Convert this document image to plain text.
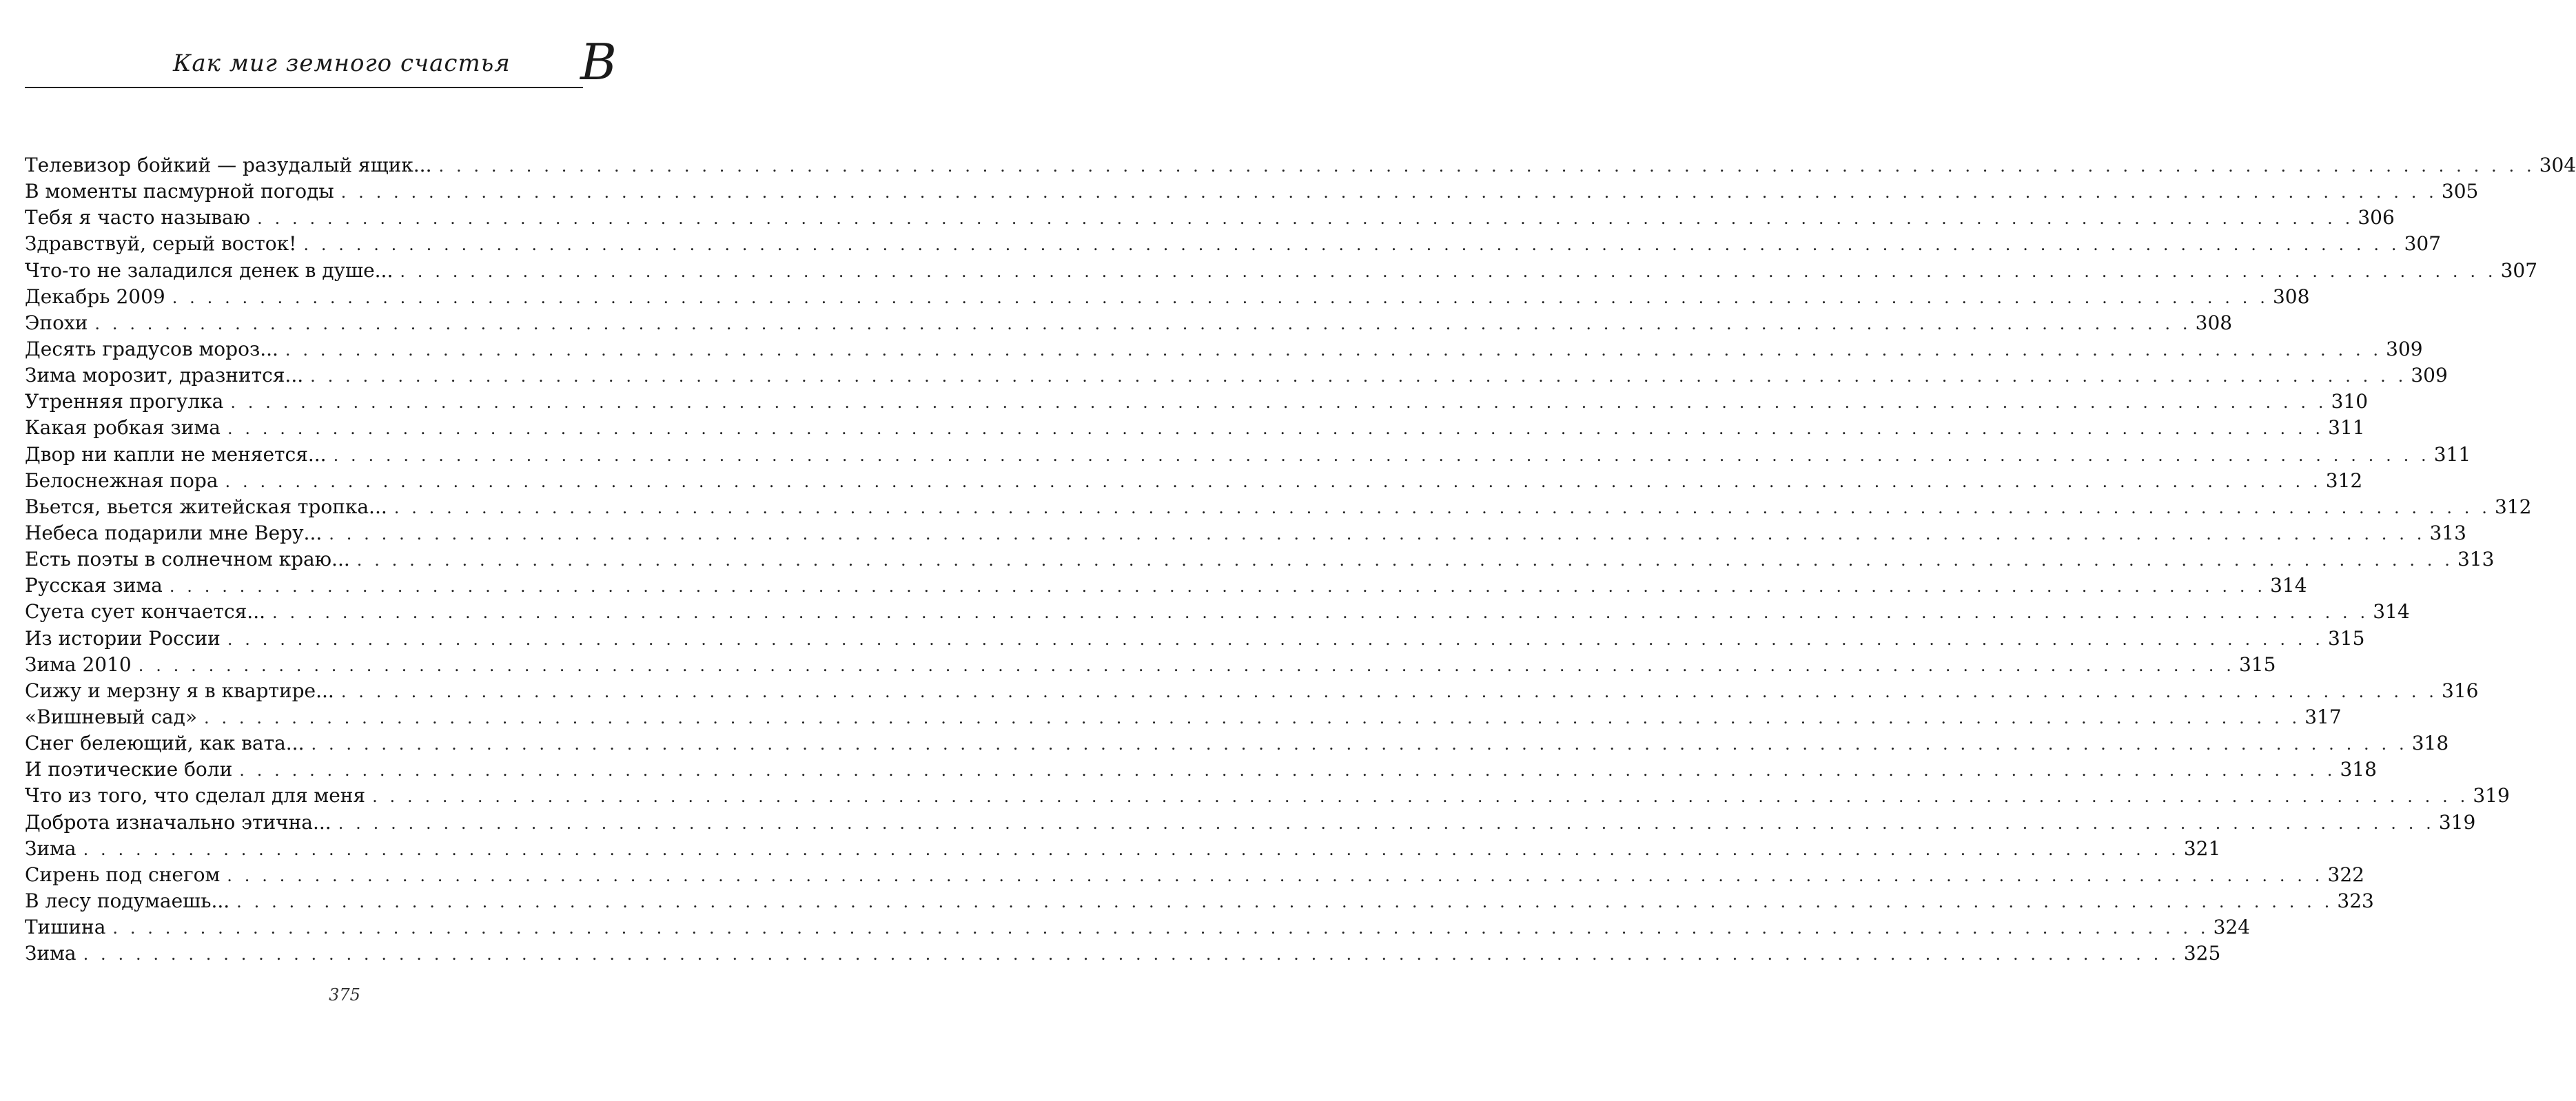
Как миг земного счастья В
Телевизор бойкий — разудалый ящик... . . . . . . . . . . . . . . . . . . . . . . . . . . . . . . . . . . . . . . . . . . . . . . . . . . . . . . . . . . . . . . . . . . . . . . . . . . . . . . . . . . . . . . . . . . . . . . . . . . . . . . . . . . . . . . . . . . . . . . . . 304
В моменты пасмурной погоды . . . . . . . . . . . . . . . . . . . . . . . . . . . . . . . . . . . . . . . . . . . . . . . . . . . . . . . . . . . . . . . . . . . . . . . . . . . . . . . . . . . . . . . . . . . . . . . . . . . . . . . . . . . . . . . . . . . . . . . . 305
Тебя я часто называю . . . . . . . . . . . . . . . . . . . . . . . . . . . . . . . . . . . . . . . . . . . . . . . . . . . . . . . . . . . . . . . . . . . . . . . . . . . . . . . . . . . . . . . . . . . . . . . . . . . . . . . . . . . . . . . . . . . . . . . . 306
Здравствуй, серый восток! . . . . . . . . . . . . . . . . . . . . . . . . . . . . . . . . . . . . . . . . . . . . . . . . . . . . . . . . . . . . . . . . . . . . . . . . . . . . . . . . . . . . . . . . . . . . . . . . . . . . . . . . . . . . . . . . . . . . . . . . 307
Что-то не заладился денек в душе... . . . . . . . . . . . . . . . . . . . . . . . . . . . . . . . . . . . . . . . . . . . . . . . . . . . . . . . . . . . . . . . . . . . . . . . . . . . . . . . . . . . . . . . . . . . . . . . . . . . . . . . . . . . . . . . . . . . . . . . . 307
Декабрь 2009 . . . . . . . . . . . . . . . . . . . . . . . . . . . . . . . . . . . . . . . . . . . . . . . . . . . . . . . . . . . . . . . . . . . . . . . . . . . . . . . . . . . . . . . . . . . . . . . . . . . . . . . . . . . . . . . . . . . . . . . . 308
Эпохи . . . . . . . . . . . . . . . . . . . . . . . . . . . . . . . . . . . . . . . . . . . . . . . . . . . . . . . . . . . . . . . . . . . . . . . . . . . . . . . . . . . . . . . . . . . . . . . . . . . . . . . . . . . . . . . . . . . . . . . . 308
Десять градусов мороз... . . . . . . . . . . . . . . . . . . . . . . . . . . . . . . . . . . . . . . . . . . . . . . . . . . . . . . . . . . . . . . . . . . . . . . . . . . . . . . . . . . . . . . . . . . . . . . . . . . . . . . . . . . . . . . . . . . . . . . . . 309
Зима морозит, дразнится... . . . . . . . . . . . . . . . . . . . . . . . . . . . . . . . . . . . . . . . . . . . . . . . . . . . . . . . . . . . . . . . . . . . . . . . . . . . . . . . . . . . . . . . . . . . . . . . . . . . . . . . . . . . . . . . . . . . . . . . . 309
Утренняя прогулка . . . . . . . . . . . . . . . . . . . . . . . . . . . . . . . . . . . . . . . . . . . . . . . . . . . . . . . . . . . . . . . . . . . . . . . . . . . . . . . . . . . . . . . . . . . . . . . . . . . . . . . . . . . . . . . . . . . . . . . . 310
Какая робкая зима . . . . . . . . . . . . . . . . . . . . . . . . . . . . . . . . . . . . . . . . . . . . . . . . . . . . . . . . . . . . . . . . . . . . . . . . . . . . . . . . . . . . . . . . . . . . . . . . . . . . . . . . . . . . . . . . . . . . . . . . 311
Двор ни капли не меняется... . . . . . . . . . . . . . . . . . . . . . . . . . . . . . . . . . . . . . . . . . . . . . . . . . . . . . . . . . . . . . . . . . . . . . . . . . . . . . . . . . . . . . . . . . . . . . . . . . . . . . . . . . . . . . . . . . . . . . . . . 311
Белоснежная пора . . . . . . . . . . . . . . . . . . . . . . . . . . . . . . . . . . . . . . . . . . . . . . . . . . . . . . . . . . . . . . . . . . . . . . . . . . . . . . . . . . . . . . . . . . . . . . . . . . . . . . . . . . . . . . . . . . . . . . . . 312
Вьется, вьется житейская тропка... . . . . . . . . . . . . . . . . . . . . . . . . . . . . . . . . . . . . . . . . . . . . . . . . . . . . . . . . . . . . . . . . . . . . . . . . . . . . . . . . . . . . . . . . . . . . . . . . . . . . . . . . . . . . . . . . . . . . . . . . 312
Небеса подарили мне Веру... . . . . . . . . . . . . . . . . . . . . . . . . . . . . . . . . . . . . . . . . . . . . . . . . . . . . . . . . . . . . . . . . . . . . . . . . . . . . . . . . . . . . . . . . . . . . . . . . . . . . . . . . . . . . . . . . . . . . . . . . 313
Есть поэты в солнечном краю... . . . . . . . . . . . . . . . . . . . . . . . . . . . . . . . . . . . . . . . . . . . . . . . . . . . . . . . . . . . . . . . . . . . . . . . . . . . . . . . . . . . . . . . . . . . . . . . . . . . . . . . . . . . . . . . . . . . . . . . . 313
Русская зима . . . . . . . . . . . . . . . . . . . . . . . . . . . . . . . . . . . . . . . . . . . . . . . . . . . . . . . . . . . . . . . . . . . . . . . . . . . . . . . . . . . . . . . . . . . . . . . . . . . . . . . . . . . . . . . . . . . . . . . . 314
Суета сует кончается... . . . . . . . . . . . . . . . . . . . . . . . . . . . . . . . . . . . . . . . . . . . . . . . . . . . . . . . . . . . . . . . . . . . . . . . . . . . . . . . . . . . . . . . . . . . . . . . . . . . . . . . . . . . . . . . . . . . . . . . . 314
Из истории России . . . . . . . . . . . . . . . . . . . . . . . . . . . . . . . . . . . . . . . . . . . . . . . . . . . . . . . . . . . . . . . . . . . . . . . . . . . . . . . . . . . . . . . . . . . . . . . . . . . . . . . . . . . . . . . . . . . . . . . . 315
Зима 2010 . . . . . . . . . . . . . . . . . . . . . . . . . . . . . . . . . . . . . . . . . . . . . . . . . . . . . . . . . . . . . . . . . . . . . . . . . . . . . . . . . . . . . . . . . . . . . . . . . . . . . . . . . . . . . . . . . . . . . . . . 315
Сижу и мерзну я в квартире... . . . . . . . . . . . . . . . . . . . . . . . . . . . . . . . . . . . . . . . . . . . . . . . . . . . . . . . . . . . . . . . . . . . . . . . . . . . . . . . . . . . . . . . . . . . . . . . . . . . . . . . . . . . . . . . . . . . . . . . . 316
«Вишневый сад» . . . . . . . . . . . . . . . . . . . . . . . . . . . . . . . . . . . . . . . . . . . . . . . . . . . . . . . . . . . . . . . . . . . . . . . . . . . . . . . . . . . . . . . . . . . . . . . . . . . . . . . . . . . . . . . . . . . . . . . . 317
Снег белеющий, как вата... . . . . . . . . . . . . . . . . . . . . . . . . . . . . . . . . . . . . . . . . . . . . . . . . . . . . . . . . . . . . . . . . . . . . . . . . . . . . . . . . . . . . . . . . . . . . . . . . . . . . . . . . . . . . . . . . . . . . . . . . 318
И поэтические боли . . . . . . . . . . . . . . . . . . . . . . . . . . . . . . . . . . . . . . . . . . . . . . . . . . . . . . . . . . . . . . . . . . . . . . . . . . . . . . . . . . . . . . . . . . . . . . . . . . . . . . . . . . . . . . . . . . . . . . . . 318
Что из того, что сделал для меня . . . . . . . . . . . . . . . . . . . . . . . . . . . . . . . . . . . . . . . . . . . . . . . . . . . . . . . . . . . . . . . . . . . . . . . . . . . . . . . . . . . . . . . . . . . . . . . . . . . . . . . . . . . . . . . . . . . . . . . . 319
Доброта изначально этична... . . . . . . . . . . . . . . . . . . . . . . . . . . . . . . . . . . . . . . . . . . . . . . . . . . . . . . . . . . . . . . . . . . . . . . . . . . . . . . . . . . . . . . . . . . . . . . . . . . . . . . . . . . . . . . . . . . . . . . . . 319
Зима . . . . . . . . . . . . . . . . . . . . . . . . . . . . . . . . . . . . . . . . . . . . . . . . . . . . . . . . . . . . . . . . . . . . . . . . . . . . . . . . . . . . . . . . . . . . . . . . . . . . . . . . . . . . . . . . . . . . . . . . 321
Сирень под снегом . . . . . . . . . . . . . . . . . . . . . . . . . . . . . . . . . . . . . . . . . . . . . . . . . . . . . . . . . . . . . . . . . . . . . . . . . . . . . . . . . . . . . . . . . . . . . . . . . . . . . . . . . . . . . . . . . . . . . . . . 322
В лесу подумаешь... . . . . . . . . . . . . . . . . . . . . . . . . . . . . . . . . . . . . . . . . . . . . . . . . . . . . . . . . . . . . . . . . . . . . . . . . . . . . . . . . . . . . . . . . . . . . . . . . . . . . . . . . . . . . . . . . . . . . . . . . 323
Тишина . . . . . . . . . . . . . . . . . . . . . . . . . . . . . . . . . . . . . . . . . . . . . . . . . . . . . . . . . . . . . . . . . . . . . . . . . . . . . . . . . . . . . . . . . . . . . . . . . . . . . . . . . . . . . . . . . . . . . . . . 324
Зима . . . . . . . . . . . . . . . . . . . . . . . . . . . . . . . . . . . . . . . . . . . . . . . . . . . . . . . . . . . . . . . . . . . . . . . . . . . . . . . . . . . . . . . . . . . . . . . . . . . . . . . . . . . . . . . . . . . . . . . . 325
375
